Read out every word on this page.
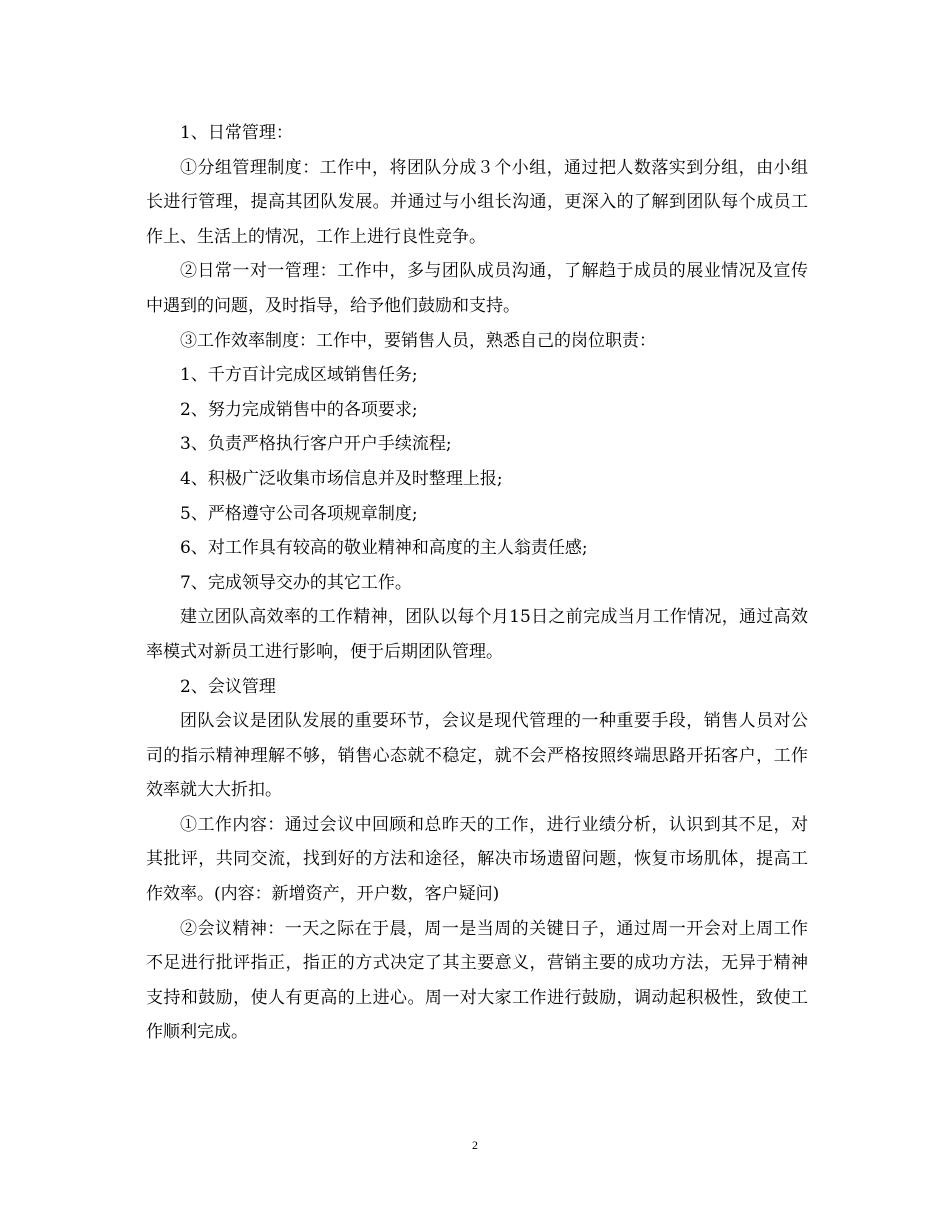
1、日常管理：

①分组管理制度：工作中，将团队分成３个小组，通过把人数落实到分组，由小组长进行管理，提高其团队发展。并通过与小组长沟通，更深入的了解到团队每个成员工作上、生活上的情况，工作上进行良性竞争。

②日常一对一管理：工作中，多与团队成员沟通，了解趋于成员的展业情况及宣传中遇到的问题，及时指导，给予他们鼓励和支持。

③工作效率制度：工作中，要销售人员，熟悉自己的岗位职责：

1、千方百计完成区域销售任务;

2、努力完成销售中的各项要求;

3、负责严格执行客户开户手续流程;

4、积极广泛收集市场信息并及时整理上报;

5、严格遵守公司各项规章制度;

6、对工作具有较高的敬业精神和高度的主人翁责任感;

7、完成领导交办的其它工作。

建立团队高效率的工作精神，团队以每个月15日之前完成当月工作情况，通过高效率模式对新员工进行影响，便于后期团队管理。

2、会议管理

团队会议是团队发展的重要环节，会议是现代管理的一种重要手段，销售人员对公司的指示精神理解不够，销售心态就不稳定，就不会严格按照终端思路开拓客户，工作效率就大大折扣。

①工作内容：通过会议中回顾和总昨天的工作，进行业绩分析，认识到其不足，对其批评，共同交流，找到好的方法和途径，解决市场遗留问题，恢复市场肌体，提高工作效率。(内容：新增资产，开户数，客户疑问)

②会议精神：一天之际在于晨，周一是当周的关键日子，通过周一开会对上周工作不足进行批评指正，指正的方式决定了其主要意义，营销主要的成功方法，无异于精神支持和鼓励，使人有更高的上进心。周一对大家工作进行鼓励，调动起积极性，致使工作顺利完成。

2
